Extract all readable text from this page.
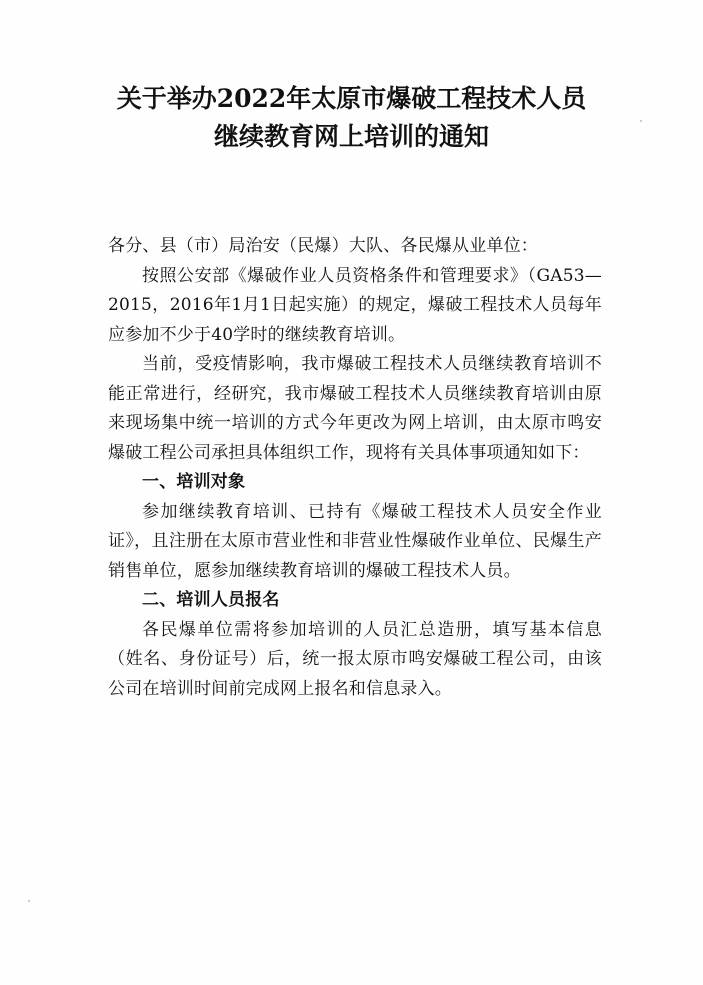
关于举办2022年太原市爆破工程技术人员
继续教育网上培训的通知

各分、县（市）局治安（民爆）大队、各民爆从业单位：

按照公安部《爆破作业人员资格条件和管理要求》（GA53—2015，2016年1月1日起实施）的规定，爆破工程技术人员每年应参加不少于40学时的继续教育培训。

当前，受疫情影响，我市爆破工程技术人员继续教育培训不能正常进行，经研究，我市爆破工程技术人员继续教育培训由原来现场集中统一培训的方式今年更改为网上培训，由太原市鸣安爆破工程公司承担具体组织工作，现将有关具体事项通知如下：

一、培训对象

参加继续教育培训、已持有《爆破工程技术人员安全作业证》，且注册在太原市营业性和非营业性爆破作业单位、民爆生产销售单位，愿参加继续教育培训的爆破工程技术人员。

二、培训人员报名

各民爆单位需将参加培训的人员汇总造册，填写基本信息（姓名、身份证号）后，统一报太原市鸣安爆破工程公司，由该公司在培训时间前完成网上报名和信息录入。
